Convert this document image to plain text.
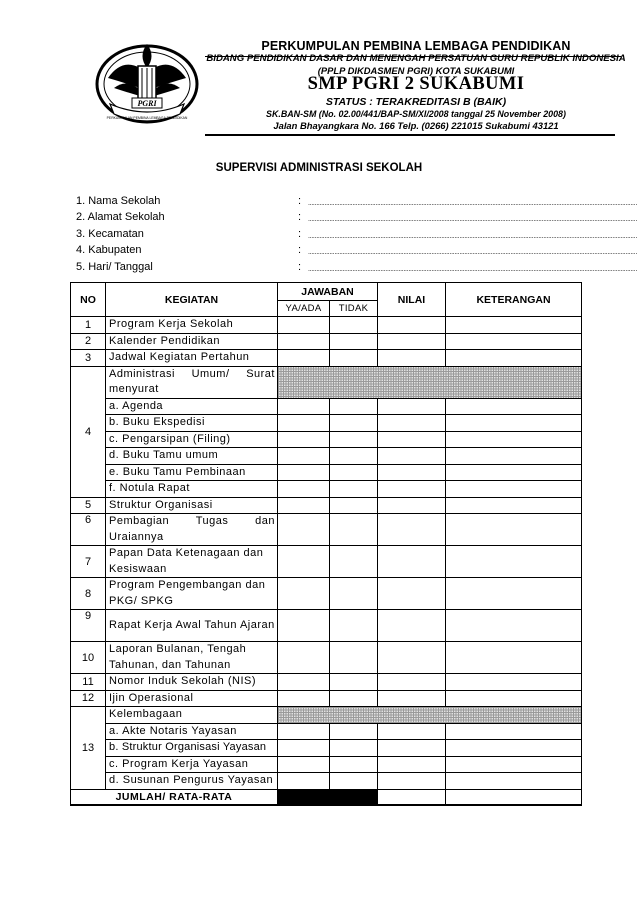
PGRI
PERKUMPULAN PEMBINA LEMBAGA PENDIDIKAN
PERKUMPULAN PEMBINA LEMBAGA PENDIDIKAN
BIDANG PENDIDIKAN DASAR DAN MENENGAH PERSATUAN GURU REPUBLIK INDONESIA
(PPLP DIKDASMEN PGRI) KOTA SUKABUMI
SMP PGRI 2 SUKABUMI
STATUS : TERAKREDITASI B (BAIK)
SK.BAN-SM (No. 02.00/441/BAP-SM/XI/2008 tanggal 25 November 2008)
Jalan Bhayangkara No. 166 Telp. (0266) 221015 Sukabumi 43121
SUPERVISI ADMINISTRASI SEKOLAH
1. Nama Sekolah	: ........................................................................................................................................................................................................
2. Alamat Sekolah	: ........................................................................................................................................................................................................
3. Kecamatan	: ........................................................................................................................................................................................................
4. Kabupaten	: ........................................................................................................................................................................................................
5. Hari/ Tanggal	: ........................................................................................................................................................................................................
NO	KEGIATAN	JAWABAN		NILAI	KETERANGAN
		YA/ADA	TIDAK		
1	Program Kerja Sekolah				
2	Kalender Pendidikan				
3	Jadwal Kegiatan Pertahun				
4	Administrasi Umum/ Surat menyurat				
	a. Agenda				
	b. Buku Ekspedisi				
	c. Pengarsipan (Filing)				
	d. Buku Tamu umum				
	e. Buku Tamu Pembinaan				
	f. Notula Rapat				
5	Struktur Organisasi				
6	Pembagian Tugas dan Uraiannya				
7	Papan Data Ketenagaan dan Kesiswaan				
8	Program Pengembangan dan PKG/ SPKG				
9	Rapat Kerja Awal Tahun Ajaran				
10	Laporan Bulanan, Tengah Tahunan, dan Tahunan				
11	Nomor Induk Sekolah (NIS)				
12	Ijin Operasional				
13	Kelembagaan				
	a. Akte Notaris Yayasan				
	b. Struktur Organisasi Yayasan				
	c. Program Kerja Yayasan				
	d. Susunan Pengurus Yayasan				
JUMLAH/ RATA-RATA					
